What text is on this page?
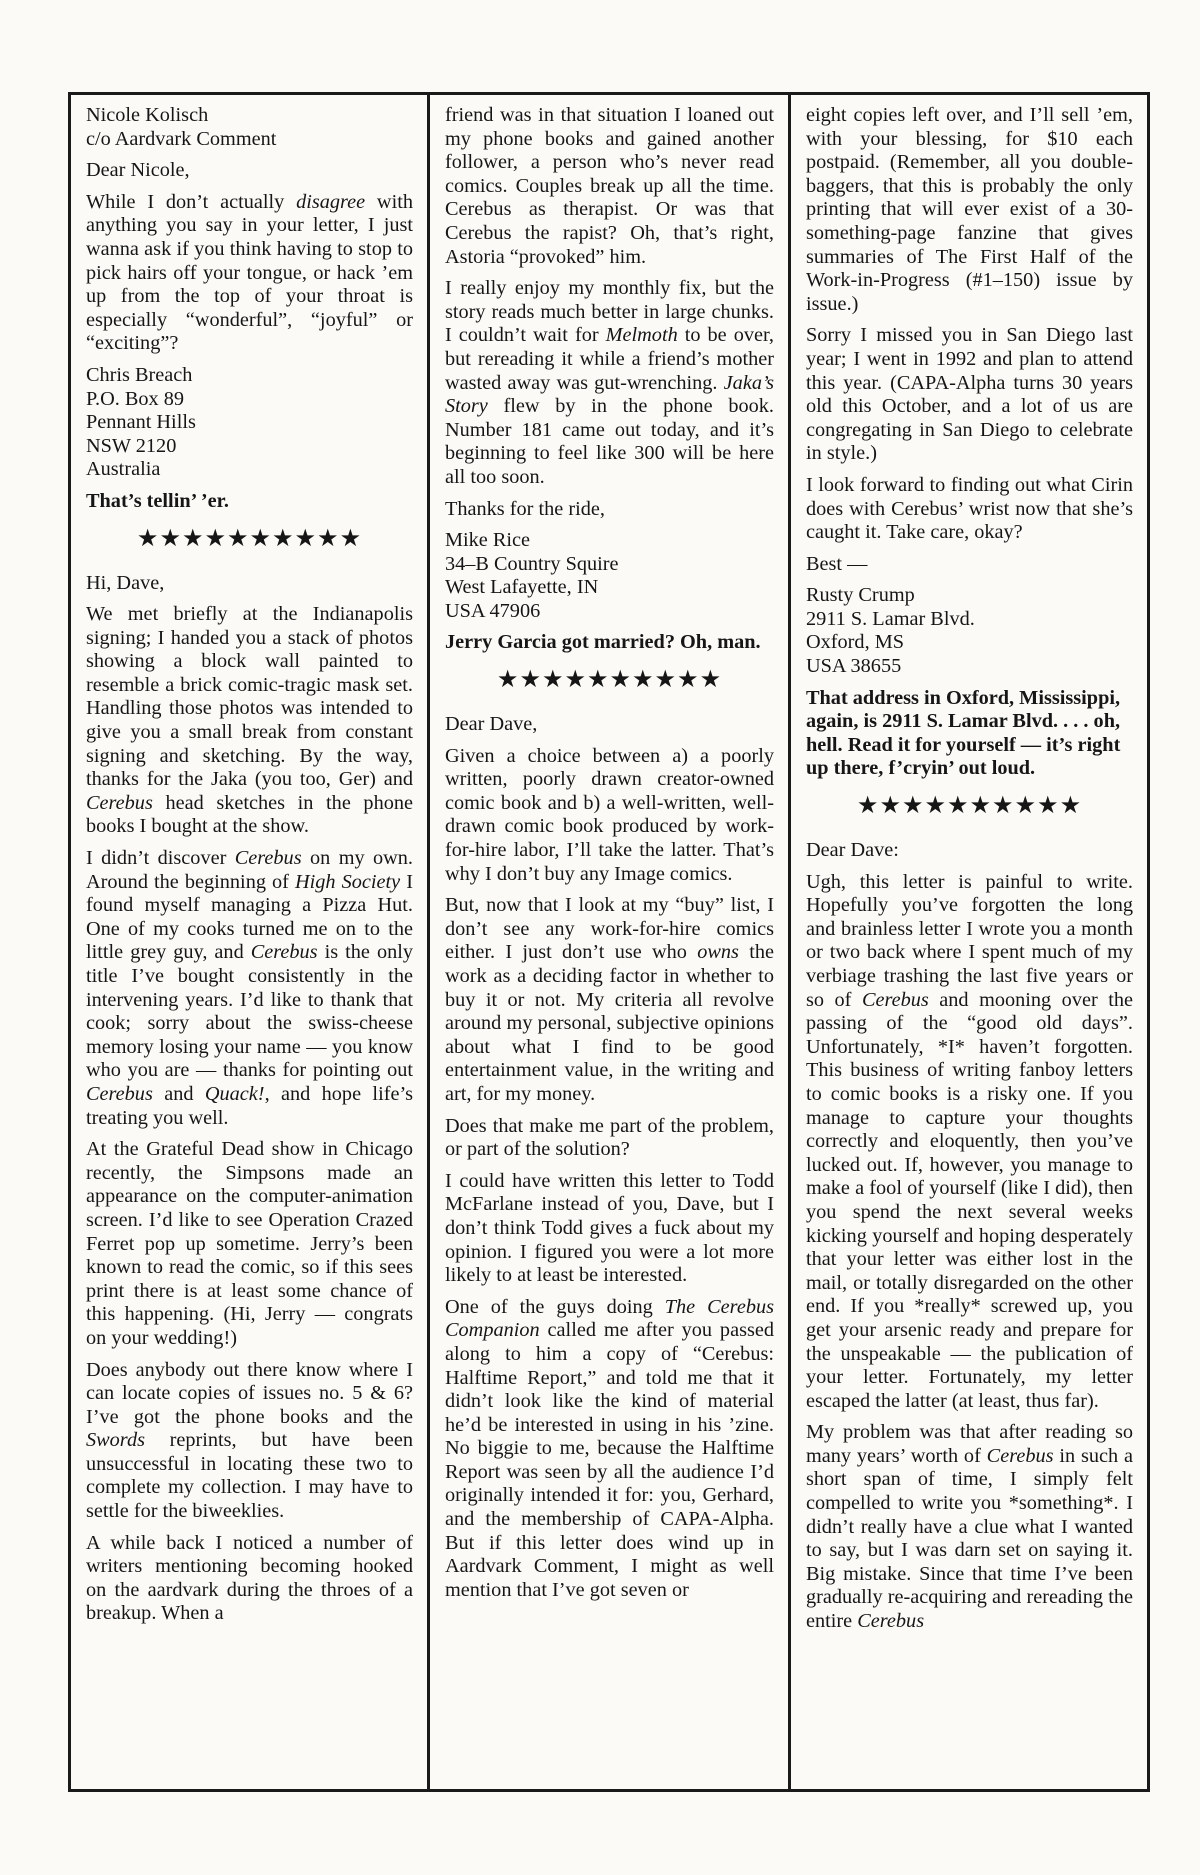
Nicole Kolisch
c/o Aardvark Comment

Dear Nicole,

While I don’t actually disagree with anything you say in your letter, I just wanna ask if you think having to stop to pick hairs off your tongue, or hack ’em up from the top of your throat is especially “wonderful”, “joyful” or “exciting”?

Chris Breach
P.O. Box 89
Pennant Hills
NSW 2120
Australia

That’s tellin’ ’er.

★★★★★★★★★★

Hi, Dave,

We met briefly at the Indianapolis signing; I handed you a stack of photos showing a block wall painted to resemble a brick comic-tragic mask set. Handling those photos was intended to give you a small break from constant signing and sketching. By the way, thanks for the Jaka (you too, Ger) and Cerebus head sketches in the phone books I bought at the show.

I didn’t discover Cerebus on my own. Around the beginning of High Society I found myself managing a Pizza Hut. One of my cooks turned me on to the little grey guy, and Cerebus is the only title I’ve bought consistently in the intervening years. I’d like to thank that cook; sorry about the swiss-cheese memory losing your name — you know who you are — thanks for pointing out Cerebus and Quack!, and hope life’s treating you well.

At the Grateful Dead show in Chicago recently, the Simpsons made an appearance on the computer-animation screen. I’d like to see Operation Crazed Ferret pop up sometime. Jerry’s been known to read the comic, so if this sees print there is at least some chance of this happening. (Hi, Jerry — congrats on your wedding!)

Does anybody out there know where I can locate copies of issues no. 5 & 6? I’ve got the phone books and the Swords reprints, but have been unsuccessful in locating these two to complete my collection. I may have to settle for the biweeklies.

A while back I noticed a number of writers mentioning becoming hooked on the aardvark during the throes of a breakup. When a

friend was in that situation I loaned out my phone books and gained another follower, a person who’s never read comics. Couples break up all the time. Cerebus as therapist. Or was that Cerebus the rapist? Oh, that’s right, Astoria “provoked” him.

I really enjoy my monthly fix, but the story reads much better in large chunks. I couldn’t wait for Melmoth to be over, but rereading it while a friend’s mother wasted away was gut-wrenching. Jaka’s Story flew by in the phone book. Number 181 came out today, and it’s beginning to feel like 300 will be here all too soon.

Thanks for the ride,

Mike Rice
34–B Country Squire
West Lafayette, IN
USA 47906

Jerry Garcia got married? Oh, man.

★★★★★★★★★★

Dear Dave,

Given a choice between a) a poorly written, poorly drawn creator-owned comic book and b) a well-written, well-drawn comic book produced by work-for-hire labor, I’ll take the latter. That’s why I don’t buy any Image comics.

But, now that I look at my “buy” list, I don’t see any work-for-hire comics either. I just don’t use who owns the work as a deciding factor in whether to buy it or not. My criteria all revolve around my personal, subjective opinions about what I find to be good entertainment value, in the writing and art, for my money.

Does that make me part of the problem, or part of the solution?

I could have written this letter to Todd McFarlane instead of you, Dave, but I don’t think Todd gives a fuck about my opinion. I figured you were a lot more likely to at least be interested.

One of the guys doing The Cerebus Companion called me after you passed along to him a copy of “Cerebus: Halftime Report,” and told me that it didn’t look like the kind of material he’d be interested in using in his ’zine. No biggie to me, because the Halftime Report was seen by all the audience I’d originally intended it for: you, Gerhard, and the membership of CAPA-Alpha. But if this letter does wind up in Aardvark Comment, I might as well mention that I’ve got seven or

eight copies left over, and I’ll sell ’em, with your blessing, for $10 each postpaid. (Remember, all you double-baggers, that this is probably the only printing that will ever exist of a 30-something-page fanzine that gives summaries of The First Half of the Work-in-Progress (#1–150) issue by issue.)

Sorry I missed you in San Diego last year; I went in 1992 and plan to attend this year. (CAPA-Alpha turns 30 years old this October, and a lot of us are congregating in San Diego to celebrate in style.)

I look forward to finding out what Cirin does with Cerebus’ wrist now that she’s caught it. Take care, okay?

Best —

Rusty Crump
2911 S. Lamar Blvd.
Oxford, MS
USA 38655

That address in Oxford, Mississippi, again, is 2911 S. Lamar Blvd. . . . oh, hell. Read it for yourself — it’s right up there, f’cryin’ out loud.

★★★★★★★★★★

Dear Dave:

Ugh, this letter is painful to write. Hopefully you’ve forgotten the long and brainless letter I wrote you a month or two back where I spent much of my verbiage trashing the last five years or so of Cerebus and mooning over the passing of the “good old days”. Unfortunately, *I* haven’t forgotten. This business of writing fanboy letters to comic books is a risky one. If you manage to capture your thoughts correctly and eloquently, then you’ve lucked out. If, however, you manage to make a fool of yourself (like I did), then you spend the next several weeks kicking yourself and hoping desperately that your letter was either lost in the mail, or totally disregarded on the other end. If you *really* screwed up, you get your arsenic ready and prepare for the unspeakable — the publication of your letter. Fortunately, my letter escaped the latter (at least, thus far).

My problem was that after reading so many years’ worth of Cerebus in such a short span of time, I simply felt compelled to write you *something*. I didn’t really have a clue what I wanted to say, but I was darn set on saying it. Big mistake. Since that time I’ve been gradually re-acquiring and rereading the entire Cerebus
